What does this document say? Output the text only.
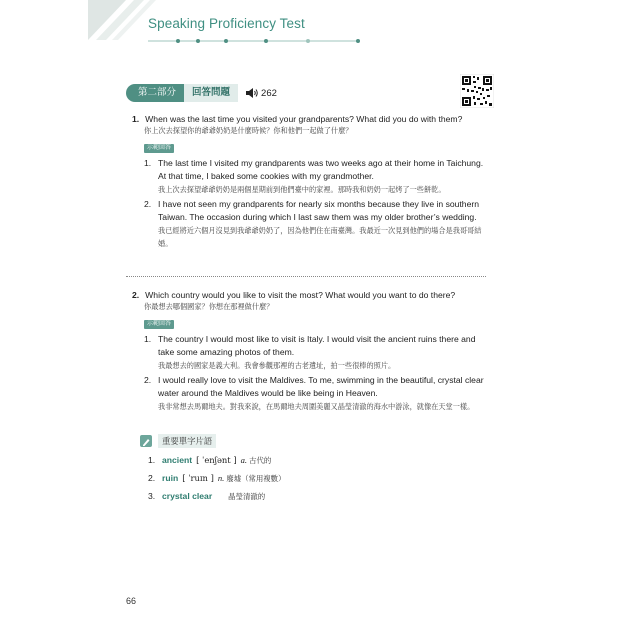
Speaking Proficiency Test
第二部分	回答問題	262
1. When was the last time you visited your grandparents? What did you do with them?
你上次去探望你的爺爺奶奶是什麼時候？你和他們一起做了什麼？
示範回答
1. The last time I visited my grandparents was two weeks ago at their home in Taichung. At that time, I baked some cookies with my grandmother.
我上次去探望爺爺奶奶是兩個星期前到他們臺中的家裡。那時我和奶奶一起烤了一些餅乾。
2. I have not seen my grandparents for nearly six months because they live in southern Taiwan. The occasion during which I last saw them was my older brother’s wedding.
我已經將近六個月沒見到我爺爺奶奶了，因為他們住在南臺灣。我最近一次見到他們的場合是我哥哥結婚。
2. Which country would you like to visit the most? What would you want to do there?
你最想去哪個國家？你想在那裡做什麼？
示範回答
1. The country I would most like to visit is Italy. I would visit the ancient ruins there and take some amazing photos of them.
我最想去的國家是義大利。我會參觀那裡的古老遺址，拍一些很棒的照片。
2. I would really love to visit the Maldives. To me, swimming in the beautiful, crystal clear water around the Maldives would be like being in Heaven.
我非常想去馬爾地夫。對我來說，在馬爾地夫周圍美麗又晶瑩清澈的海水中游泳，就像在天堂一樣。
重要單字片語
1. ancient [ ˈenʃənt ] a. 古代的
2. ruin [ ˈruɪn ] n. 廢墟（常用複數）
3. crystal clear 晶瑩清澈的
66
